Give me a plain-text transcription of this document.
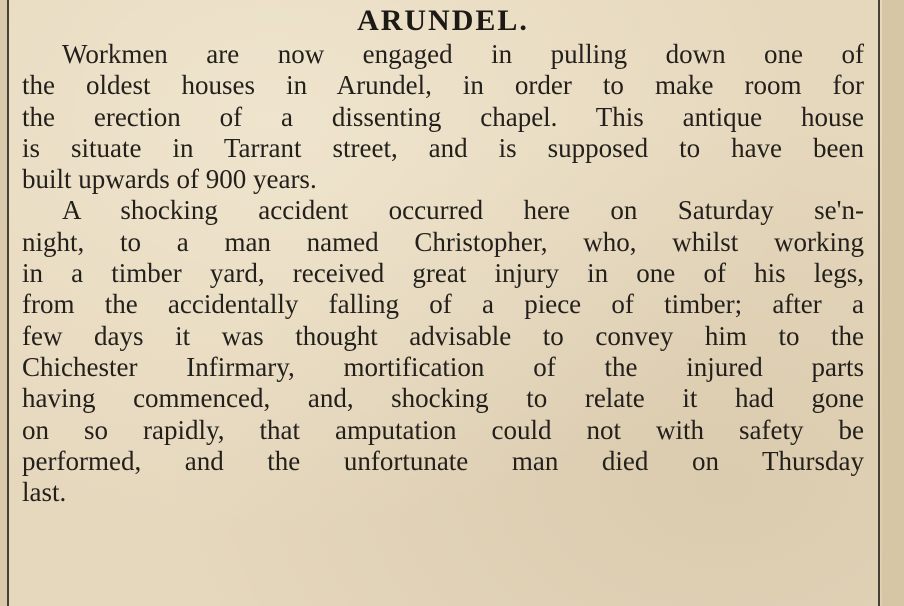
ARUNDEL.
Workmen are now engaged in pulling down one of
the oldest houses in Arundel, in order to make room for
the erection of a dissenting chapel. This antique house
is situate in Tarrant street, and is supposed to have been
built upwards of 900 years.
A shocking accident occurred here on Saturday se'n-
night, to a man named Christopher, who, whilst working
in a timber yard, received great injury in one of his legs,
from the accidentally falling of a piece of timber; after a
few days it was thought advisable to convey him to the
Chichester Infirmary, mortification of the injured parts
having commenced, and, shocking to relate it had gone
on so rapidly, that amputation could not with safety be
performed, and the unfortunate man died on Thursday
last.
